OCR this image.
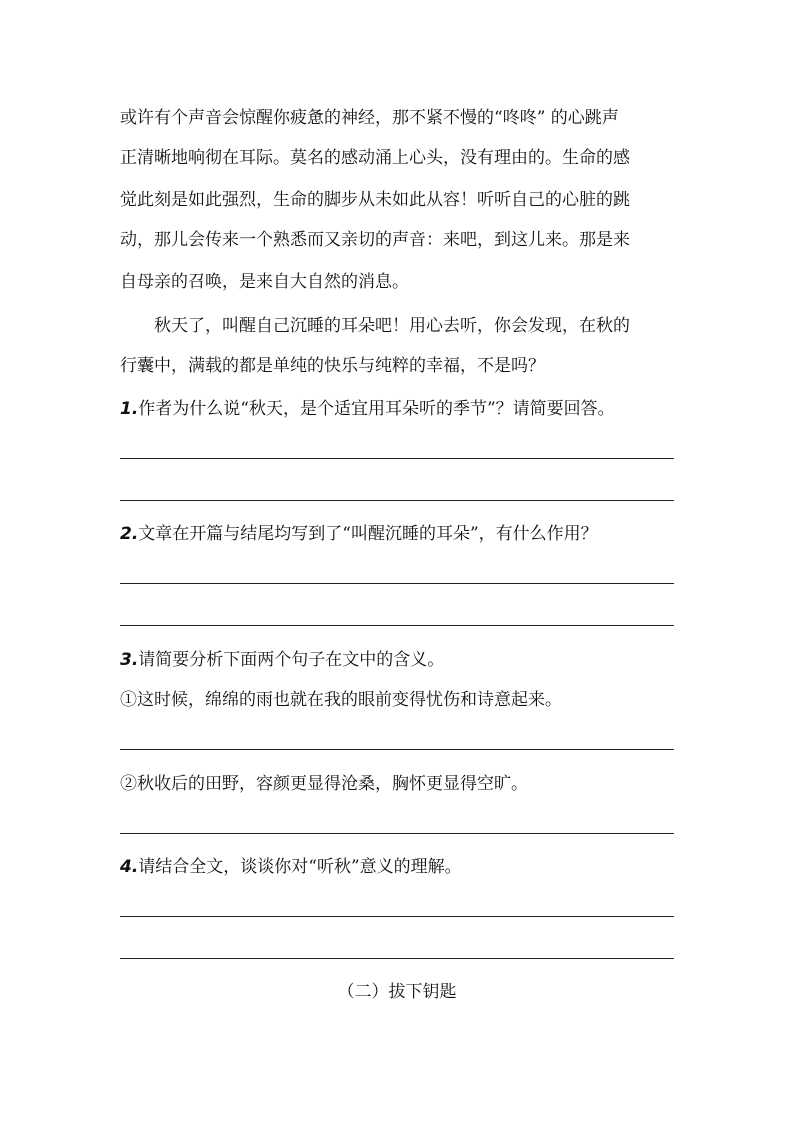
或许有个声音会惊醒你疲惫的神经，那不紧不慢的“咚咚” 的心跳声
正清晰地响彻在耳际。莫名的感动涌上心头，没有理由的。生命的感
觉此刻是如此强烈，生命的脚步从未如此从容！听听自己的心脏的跳
动，那儿会传来一个熟悉而又亲切的声音：来吧，到这儿来。那是来
自母亲的召唤，是来自大自然的消息。
秋天了，叫醒自己沉睡的耳朵吧！用心去听，你会发现，在秋的
行囊中，满载的都是单纯的快乐与纯粹的幸福，不是吗？
1.作者为什么说“秋天，是个适宜用耳朵听的季节”？请简要回答。
2.文章在开篇与结尾均写到了“叫醒沉睡的耳朵”，有什么作用？
3.请简要分析下面两个句子在文中的含义。
①这时候，绵绵的雨也就在我的眼前变得忧伤和诗意起来。
②秋收后的田野，容颜更显得沧桑，胸怀更显得空旷。
4.请结合全文，谈谈你对“听秋”意义的理解。
（二）拔下钥匙
